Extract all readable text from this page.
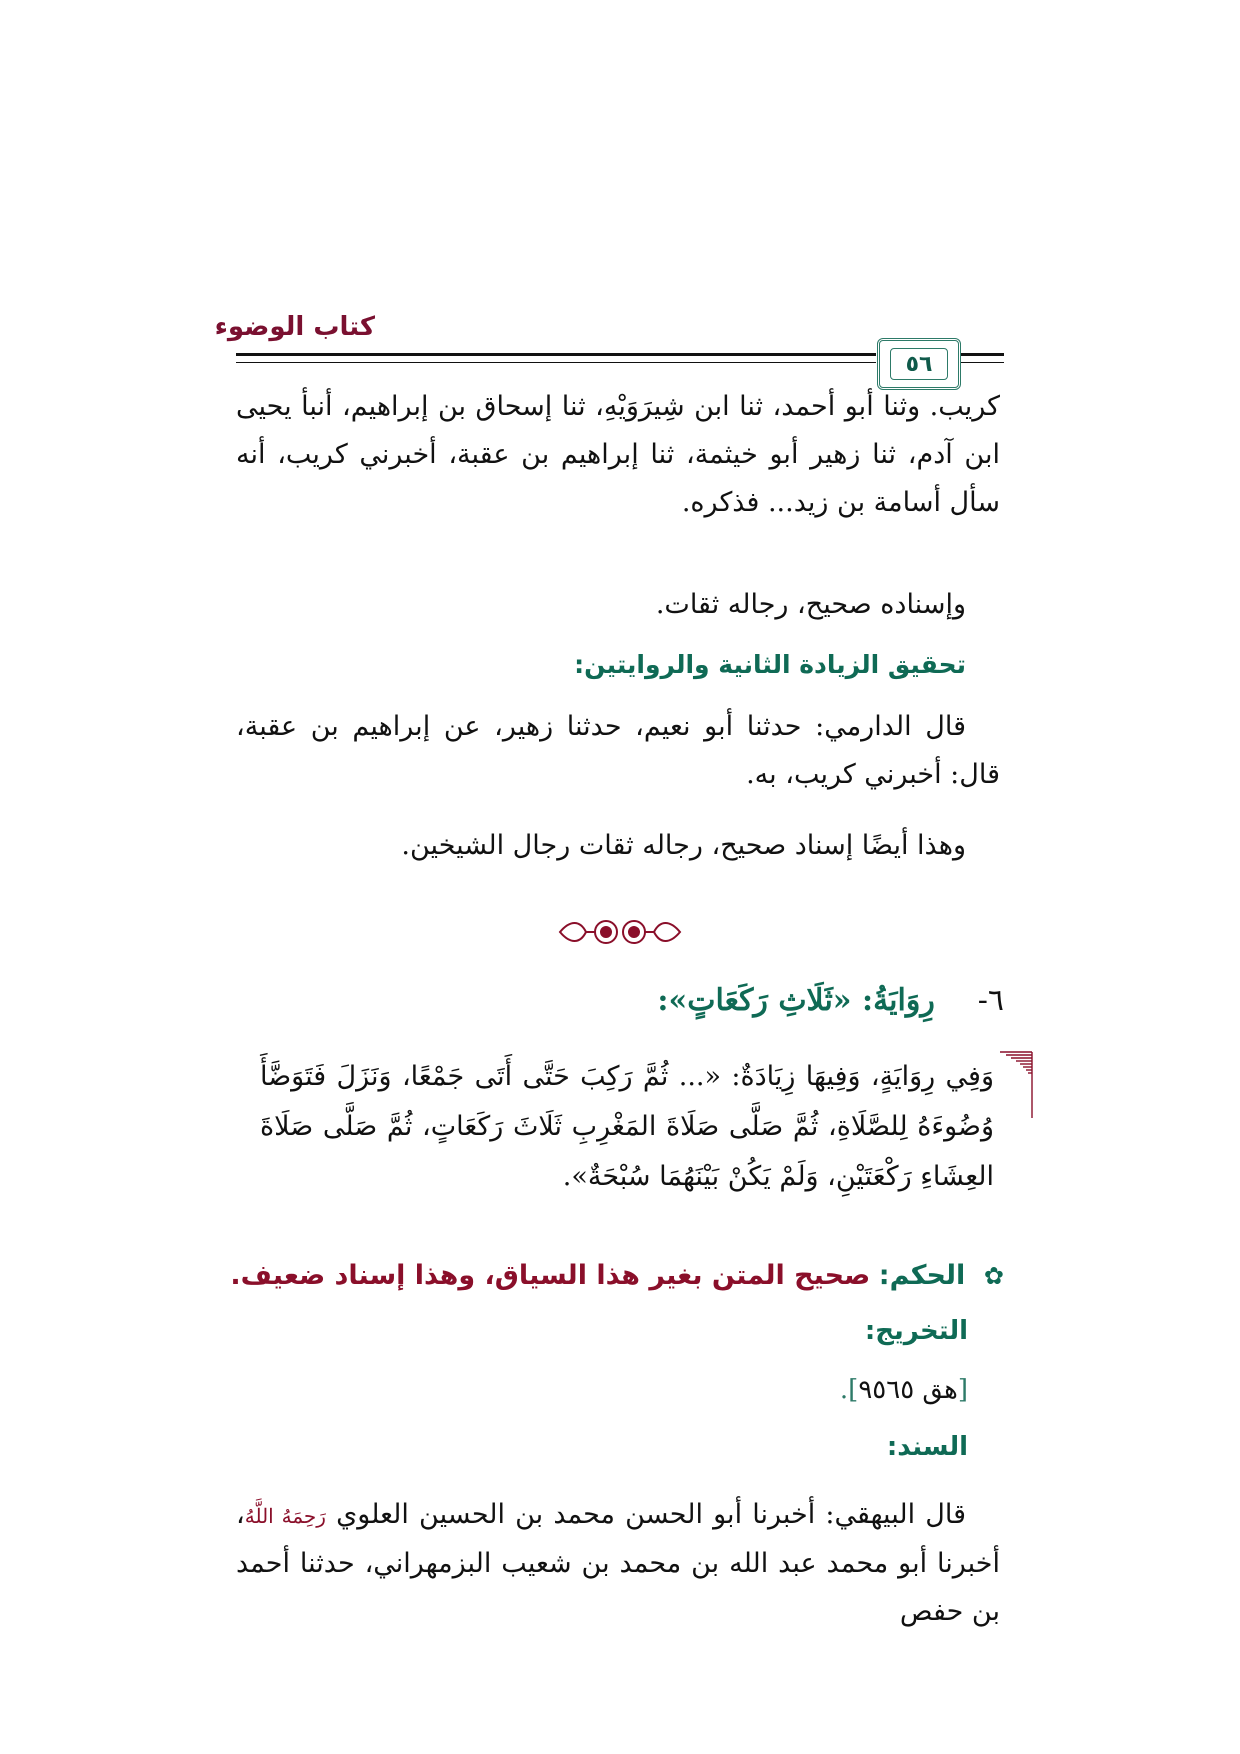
كتاب الوضوء
٥٦
كريب. وثنا أبو أحمد، ثنا ابن شِيرَوَيْهِ، ثنا إسحاق بن إبراهيم، أنبأ يحيى ابن آدم، ثنا زهير أبو خيثمة، ثنا إبراهيم بن عقبة، أخبرني كريب، أنه سأل أسامة بن زيد... فذكره.
وإسناده صحيح، رجاله ثقات.
تحقيق الزيادة الثانية والروايتين:
قال الدارمي: حدثنا أبو نعيم، حدثنا زهير، عن إبراهيم بن عقبة، قال: أخبرني كريب، به.
وهذا أيضًا إسناد صحيح، رجاله ثقات رجال الشيخين.
٦-  رِوَايَةُ: «ثَلَاثِ رَكَعَاتٍ»:
وَفِي رِوَايَةٍ، وَفِيهَا زِيَادَةٌ: «... ثُمَّ رَكِبَ حَتَّى أَتَى جَمْعًا، وَنَزَلَ فَتَوَضَّأَ وُضُوءَهُ لِلصَّلَاةِ، ثُمَّ صَلَّى صَلَاةَ المَغْرِبِ ثَلَاثَ رَكَعَاتٍ، ثُمَّ صَلَّى صَلَاةَ العِشَاءِ رَكْعَتَيْنِ، وَلَمْ يَكُنْ بَيْنَهُمَا سُبْحَةٌ».
✿ الحكم: صحيح المتن بغير هذا السياق، وهذا إسناد ضعيف.
التخريج:
[هق ٩٥٦٥].
السند:
قال البيهقي: أخبرنا أبو الحسن محمد بن الحسين العلوي رَحِمَهُ اللَّهُ، أخبرنا أبو محمد عبد الله بن محمد بن شعيب البزمهراني، حدثنا أحمد بن حفص
